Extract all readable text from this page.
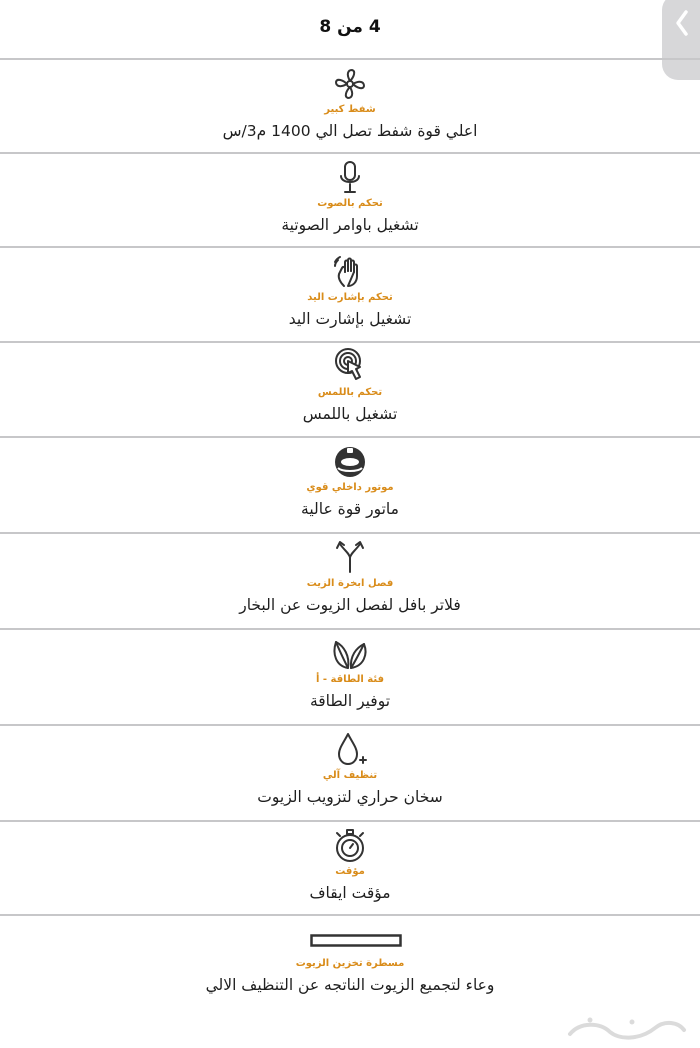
4 من 8
شفط كبير
اعلي قوة شفط تصل الي 1400 م3/س
تحكم بالصوت
تشغيل باوامر الصوتية
تحكم بإشارت اليد
تشغيل بإشارت اليد
تحكم باللمس
تشغيل باللمس
موتور داخلي قوي
ماتور قوة عالية
فصل ابخرة الزيت
فلاتر بافل لفصل الزيوت عن البخار
فئة الطاقة - أ
توفير الطاقة
تنظيف آلي
سخان حراري لتزويب الزيوت
مؤقت
مؤقت ايقاف
مسطرة تخزين الزيوت
وعاء لتجميع الزيوت الناتجه عن التنظيف الالي
